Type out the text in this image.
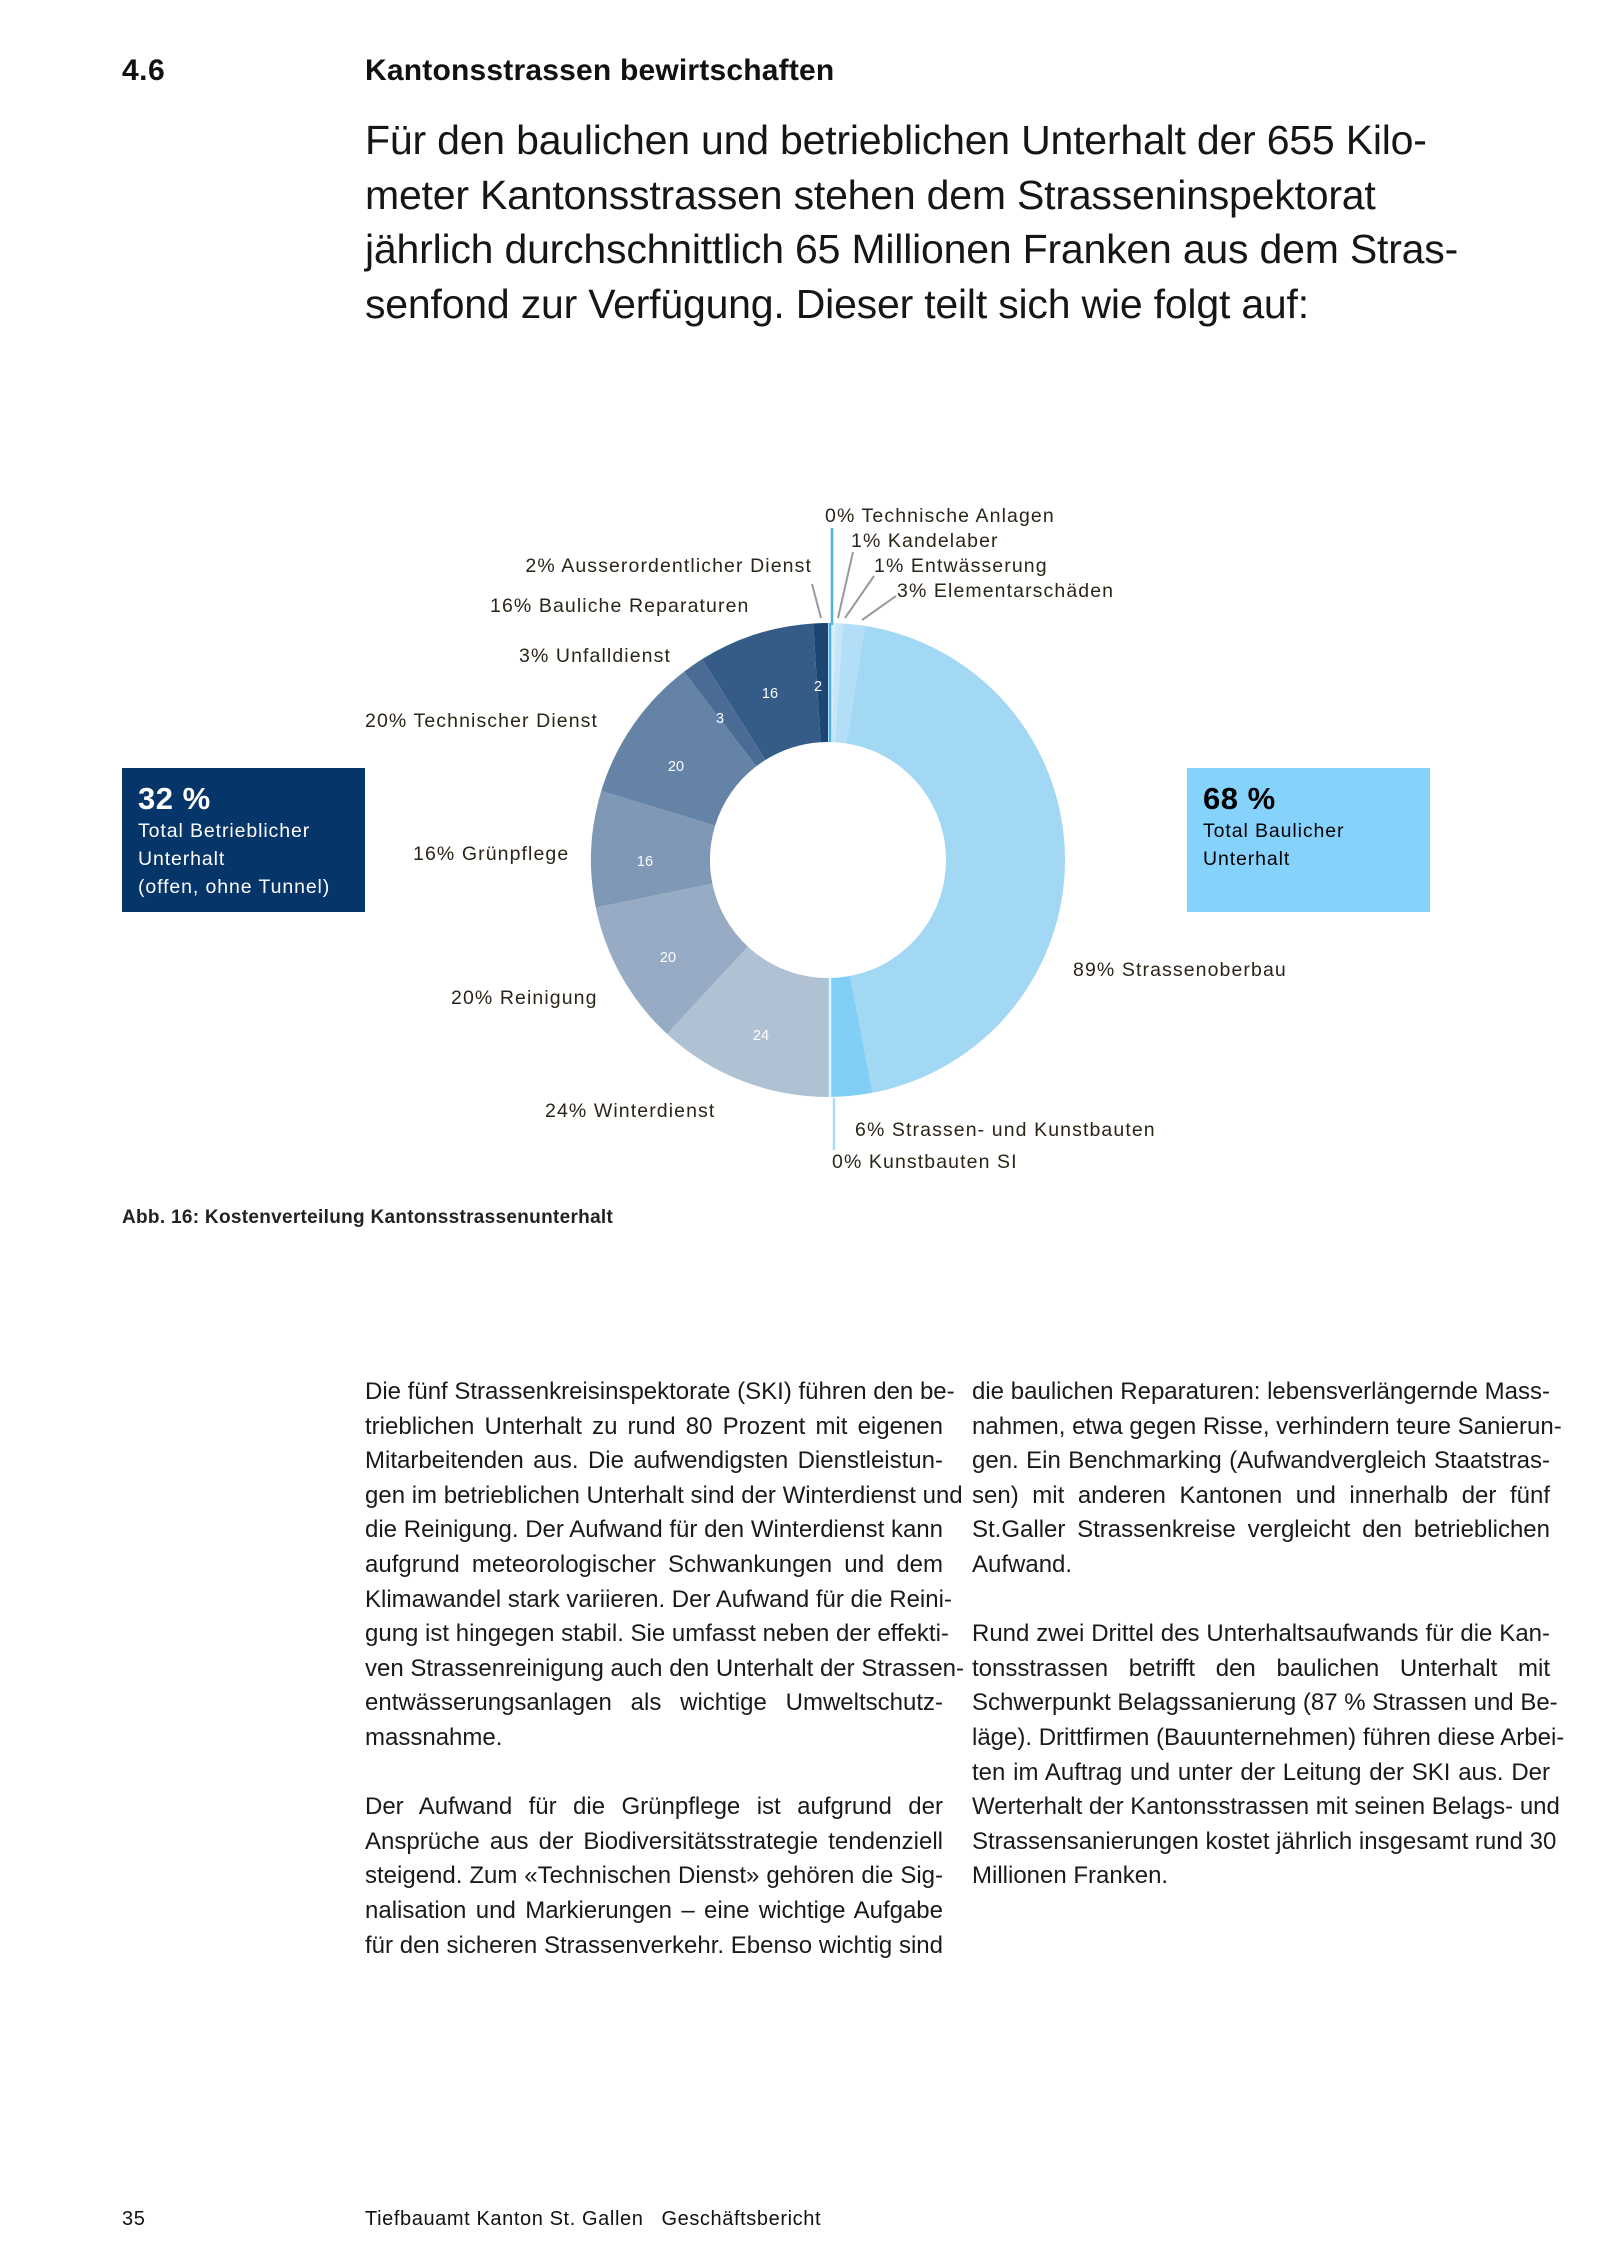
4.6	Kantonsstrassen bewirtschaften
Für den baulichen und betrieblichen Unterhalt der 655 Kilo-
meter Kantonsstrassen stehen dem Strasseninspektorat
jährlich durchschnittlich 65 Millionen Franken aus dem Stras-
senfond zur Verfügung. Dieser teilt sich wie folgt auf:
2
16
3
20
16
20
24
0% Technische Anlagen
1% Kandelaber
2% Ausserordentlicher Dienst	1% Entwässerung
3% Elementarschäden
16% Bauliche Reparaturen
3% Unfalldienst
20% Technischer Dienst
16% Grünpflege
89% Strassenoberbau
20% Reinigung
24% Winterdienst
6% Strassen- und Kunstbauten
0% Kunstbauten SI
32 %
Total Betrieblicher
Unterhalt
(offen, ohne Tunnel)
68 %
Total Baulicher
Unterhalt
Abb. 16: Kostenverteilung Kantonsstrassenunterhalt

Die fünf Strassenkreisinspektorate (SKI) führen den be-
trieblichen Unterhalt zu rund 80 Prozent mit eigenen
Mitarbeitenden aus. Die aufwendigsten Dienstleistun-
gen im betrieblichen Unterhalt sind der Winterdienst und
die Reinigung. Der Aufwand für den Winterdienst kann
aufgrund meteorologischer Schwankungen und dem
Klimawandel stark variieren. Der Aufwand für die Reini-
gung ist hingegen stabil. Sie umfasst neben der effekti-
ven Strassenreinigung auch den Unterhalt der Strassen-
entwässerungsanlagen als wichtige Umweltschutz-
massnahme.

Der Aufwand für die Grünpflege ist aufgrund der
Ansprüche aus der Biodiversitätsstrategie tendenziell
steigend. Zum «Technischen Dienst» gehören die Sig-
nalisation und Markierungen – eine wichtige Aufgabe
für den sicheren Strassenverkehr. Ebenso wichtig sind

die baulichen Reparaturen: lebensverlängernde Mass-
nahmen, etwa gegen Risse, verhindern teure Sanierun-
gen. Ein Benchmarking (Aufwandvergleich Staatstras-
sen) mit anderen Kantonen und innerhalb der fünf
St.Galler Strassenkreise vergleicht den betrieblichen
Aufwand.

Rund zwei Drittel des Unterhaltsaufwands für die Kan-
tonsstrassen betrifft den baulichen Unterhalt mit
Schwerpunkt Belagssanierung (87 % Strassen und Be-
läge). Drittfirmen (Bauunternehmen) führen diese Arbei-
ten im Auftrag und unter der Leitung der SKI aus. Der
Werterhalt der Kantonsstrassen mit seinen Belags- und
Strassensanierungen kostet jährlich insgesamt rund 30
Millionen Franken.

35	Tiefbauamt Kanton St. Gallen Geschäftsbericht
